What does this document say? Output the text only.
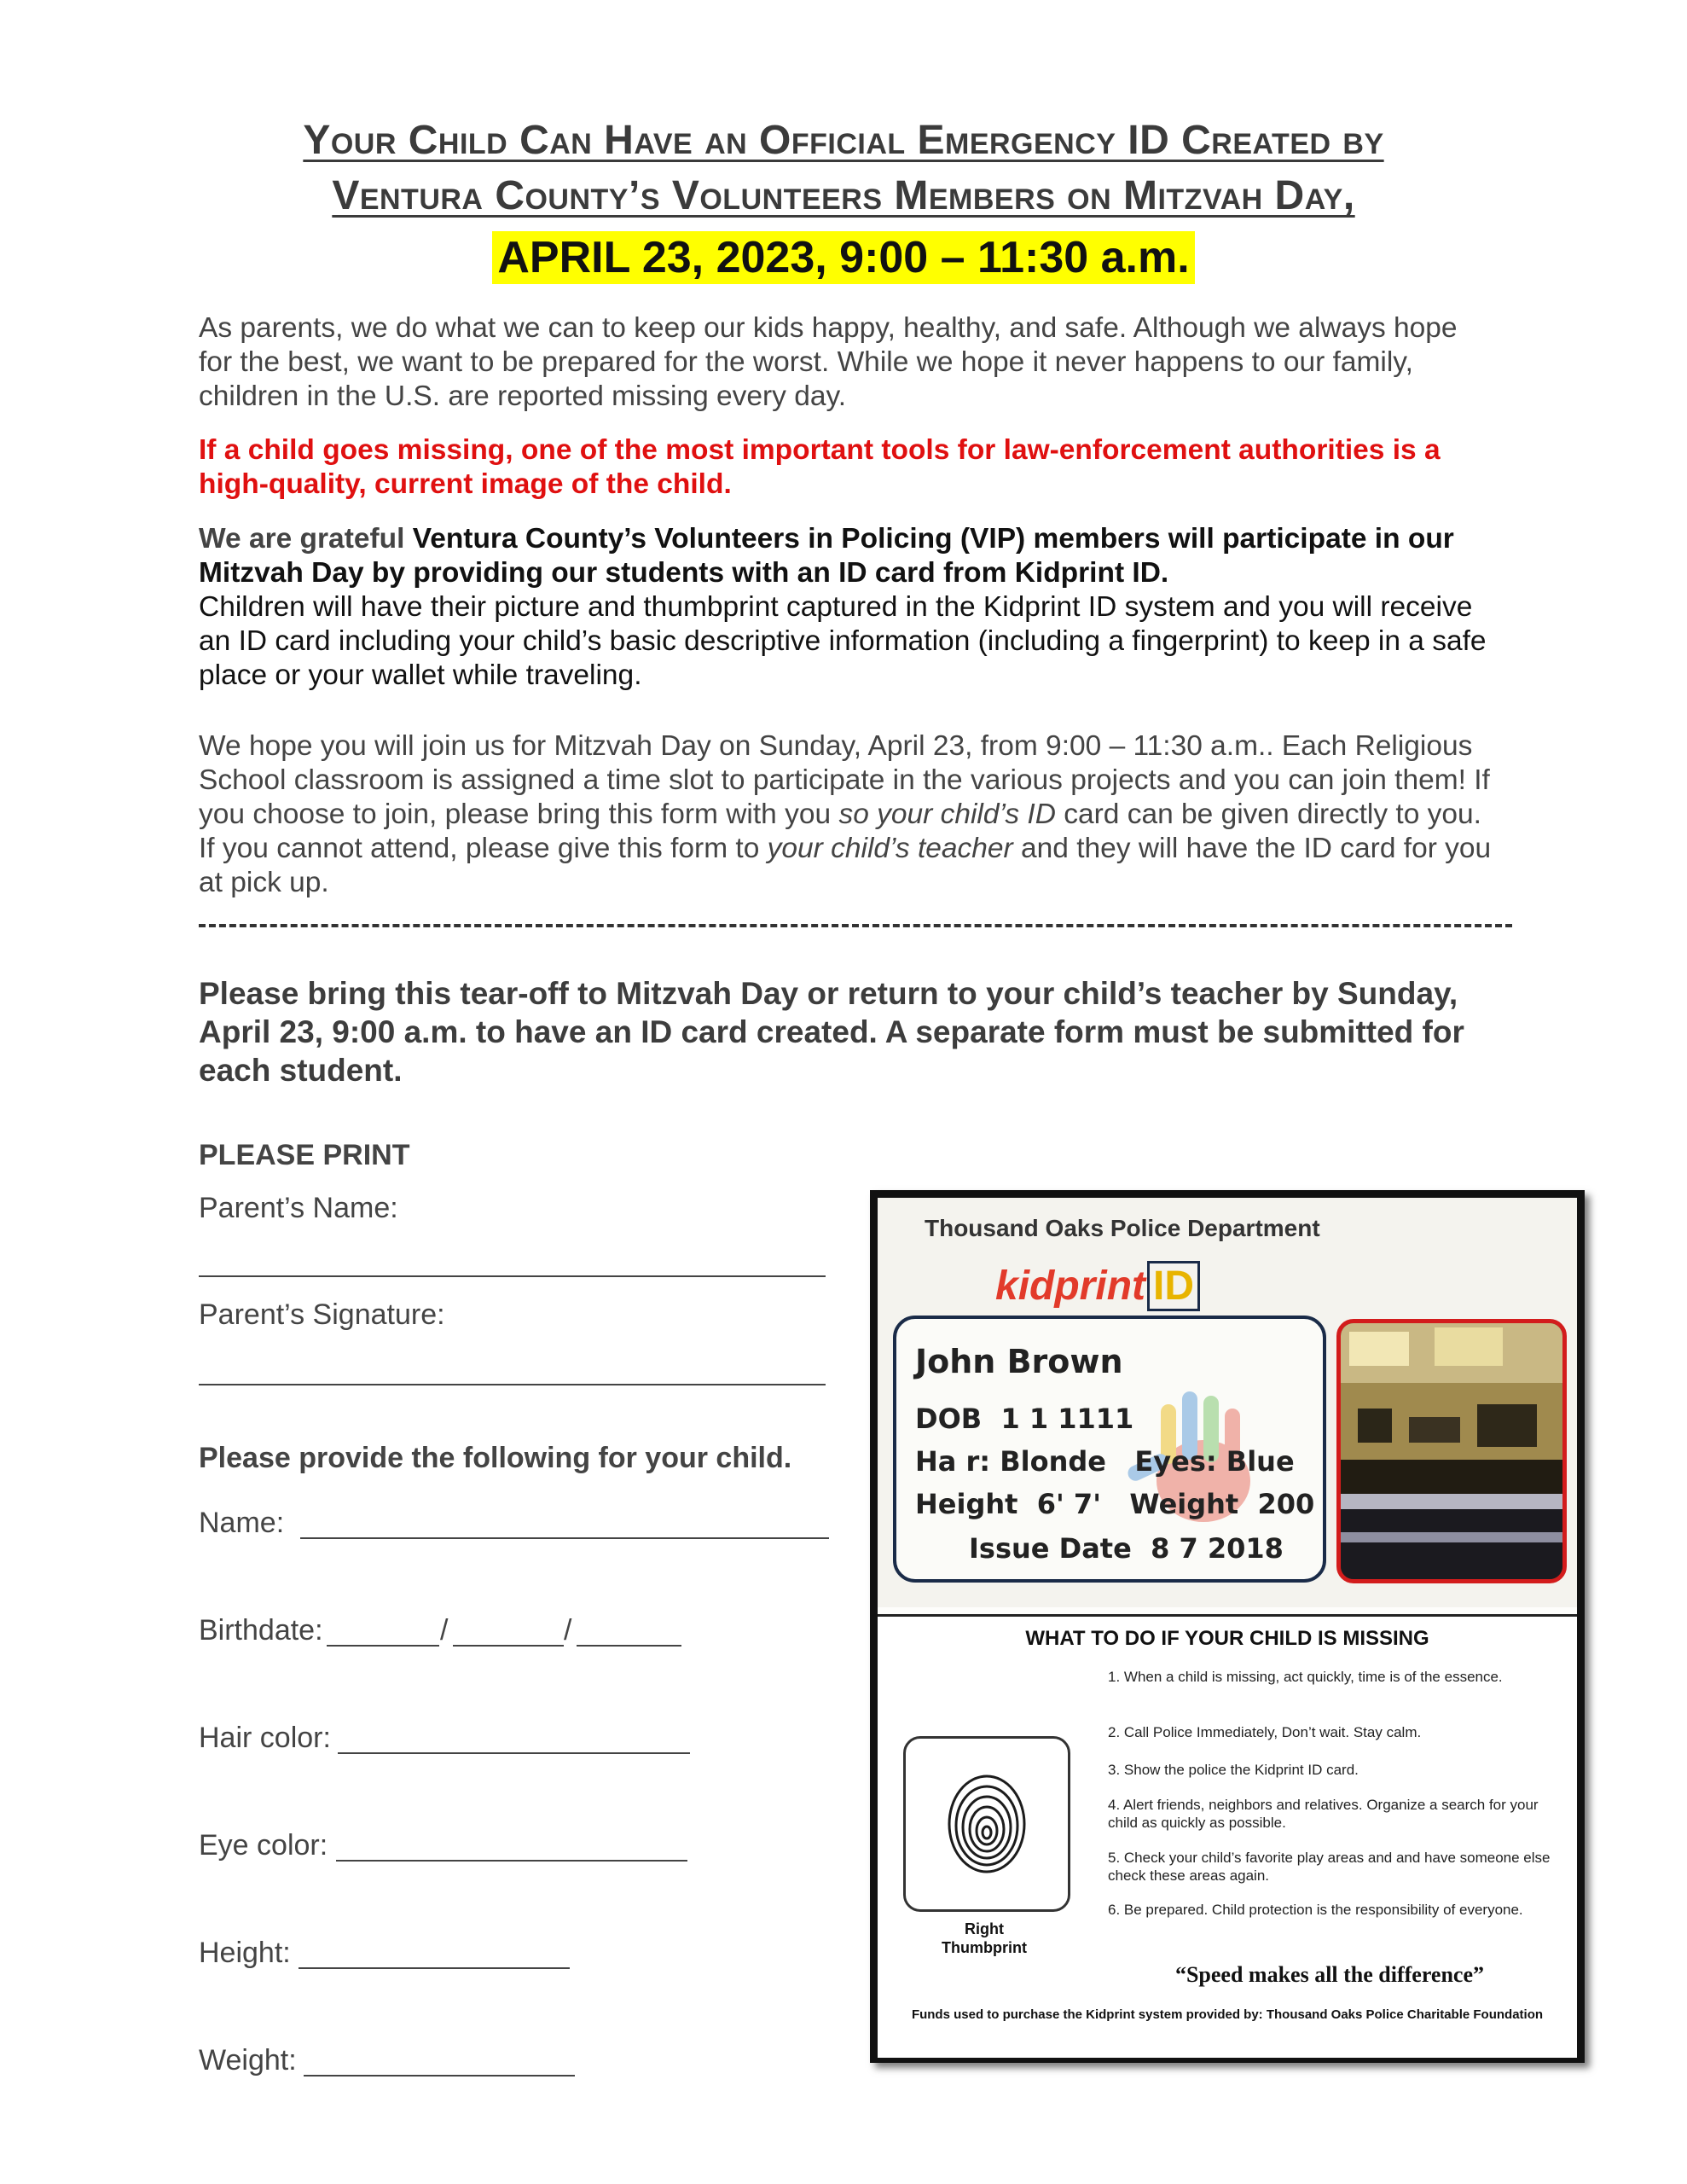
Your Child Can Have an Official Emergency ID Created by
Ventura County’s Volunteers Members on Mitzvah Day,
APRIL 23, 2023, 9:00 – 11:30 a.m.
As parents, we do what we can to keep our kids happy, healthy, and safe. Although we always hope for the best, we want to be prepared for the worst. While we hope it never happens to our family, children in the U.S. are reported missing every day.
If a child goes missing, one of the most important tools for law-enforcement authorities is a high-quality, current image of the child.
We are grateful Ventura County’s Volunteers in Policing (VIP) members will participate in our Mitzvah Day by providing our students with an ID card from Kidprint ID.
Children will have their picture and thumbprint captured in the Kidprint ID system and you will receive an ID card including your child’s basic descriptive information (including a fingerprint) to keep in a safe place or your wallet while traveling.
We hope you will join us for Mitzvah Day on Sunday, April 23, from 9:00 – 11:30 a.m.. Each Religious School classroom is assigned a time slot to participate in the various projects and you can join them! If you choose to join, please bring this form with you so your child’s ID card can be given directly to you. If you cannot attend, please give this form to your child’s teacher and they will have the ID card for you at pick up.
Please bring this tear-off to Mitzvah Day or return to your child’s teacher by Sunday, April 23, 9:00 a.m. to have an ID card created. A separate form must be submitted for each student.
PLEASE PRINT
Parent’s Name:
Parent’s Signature:
Please provide the following for your child.
Name:
Birthdate:	/	/
Hair color:
Eye color:
Height:
Weight:
Thousand Oaks Police Department
kidprint ID
John Brown
DOB 1 1 1111
Ha r: Blonde Eyes: Blue
Height 6' 7' Weight 200
Issue Date 8 7 2018
WHAT TO DO IF YOUR CHILD IS MISSING
1. When a child is missing, act quickly, time is of the essence.
2. Call Police Immediately, Don’t wait. Stay calm.
3. Show the police the Kidprint ID card.
4. Alert friends, neighbors and relatives. Organize a search for your child as quickly as possible.
5. Check your child’s favorite play areas and and have someone else check these areas again.
6. Be prepared. Child protection is the responsibility of everyone.
Right
Thumbprint
“Speed makes all the difference”
Funds used to purchase the Kidprint system provided by: Thousand Oaks Police Charitable Foundation
